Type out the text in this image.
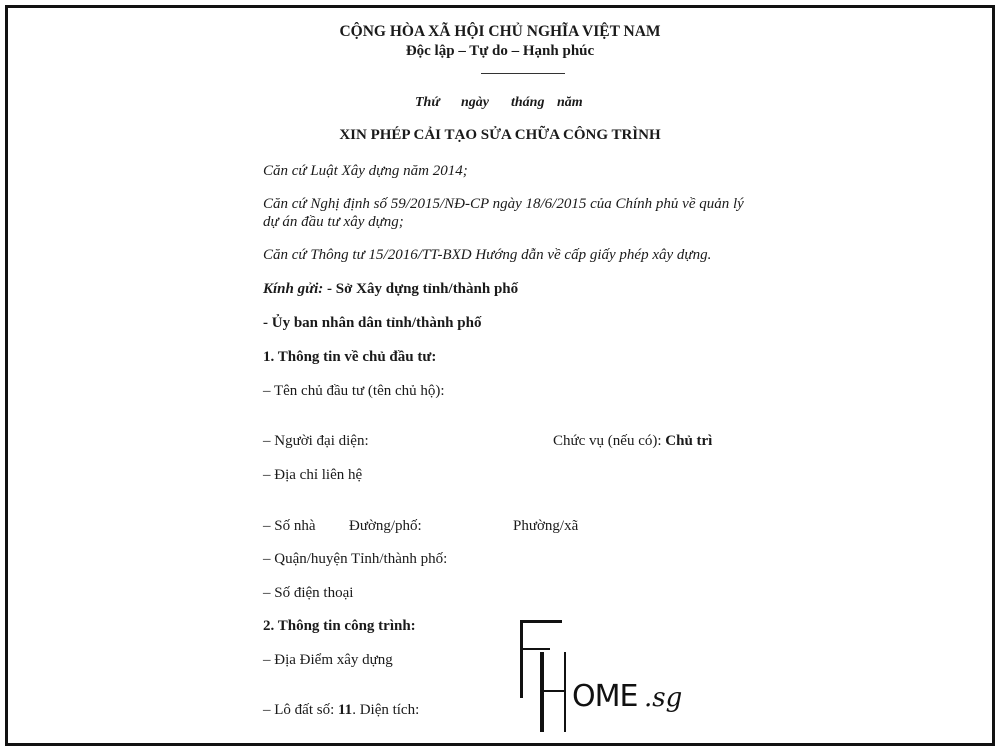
CỘNG HÒA XÃ HỘI CHỦ NGHĨA VIỆT NAM
Độc lập – Tự do – Hạnh phúc
Thứ ngày tháng năm
XIN PHÉP CẢI TẠO SỬA CHỮA CÔNG TRÌNH
Căn cứ Luật Xây dựng năm 2014;
Căn cứ Nghị định số 59/2015/NĐ-CP ngày 18/6/2015 của Chính phủ về quản lý
dự án đầu tư xây dựng;
Căn cứ Thông tư 15/2016/TT-BXD Hướng dẫn về cấp giấy phép xây dựng.
Kính gửi: - Sở Xây dựng tỉnh/thành phố
- Ủy ban nhân dân tỉnh/thành phố
1. Thông tin về chủ đầu tư:
– Tên chủ đầu tư (tên chủ hộ):
– Người đại diện:	Chức vụ (nếu có): Chủ trì
– Địa chỉ liên hệ
– Số nhà Đường/phố:	Phường/xã
– Quận/huyện Tỉnh/thành phố:
– Số điện thoại
2. Thông tin công trình:
– Địa Điểm xây dựng
– Lô đất số: 11. Diện tích:	OME .sg
